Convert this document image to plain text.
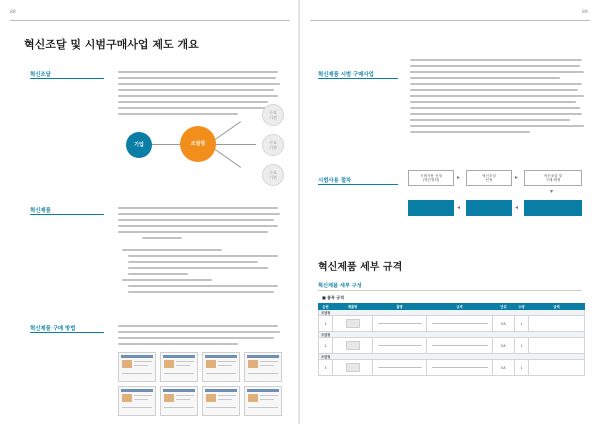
88
혁신조달 및 시범구매사업 제도 개요
혁신조달
기업	조달청
수요
기관
수요
기관
수요
기관
혁신제품
혁신제품 구매 방법
89
혁신제품 시범 구매사업
시범사용 절차
시범사용 신청
(혁신장터)	▸	혁신조달
선정	▸	혁신조달 및
구매 확정
▾
◂	◂
혁신제품 세부 규격
혁신제품 세부 구성
■ 품목 규격
순번	제품명	품명	규격	단위	수량	금액
조달청						
1				EA	1	
조달청						
2				EA	1	
조달청						
3				EA	1	
